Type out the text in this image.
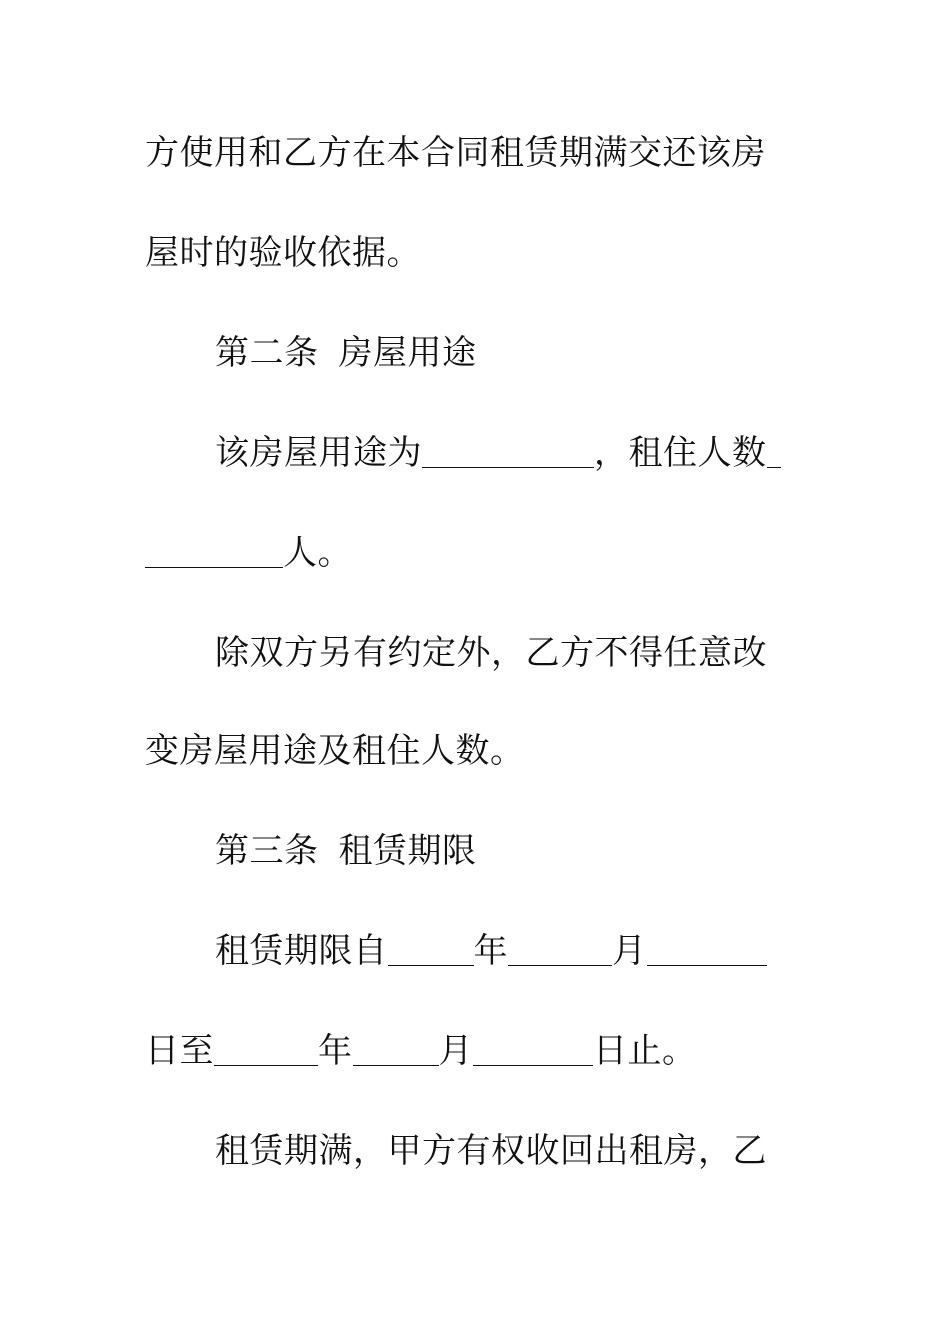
方使用和乙方在本合同租赁期满交还该房
屋时的验收依据。
第二条 房屋用途
该房屋用途为	，租住人数
人。
除双方另有约定外，乙方不得任意改
变房屋用途及租住人数。
第三条 租赁期限
租赁期限自	年	月
日至	年	月	日止。
租赁期满，甲方有权收回出租房，乙
